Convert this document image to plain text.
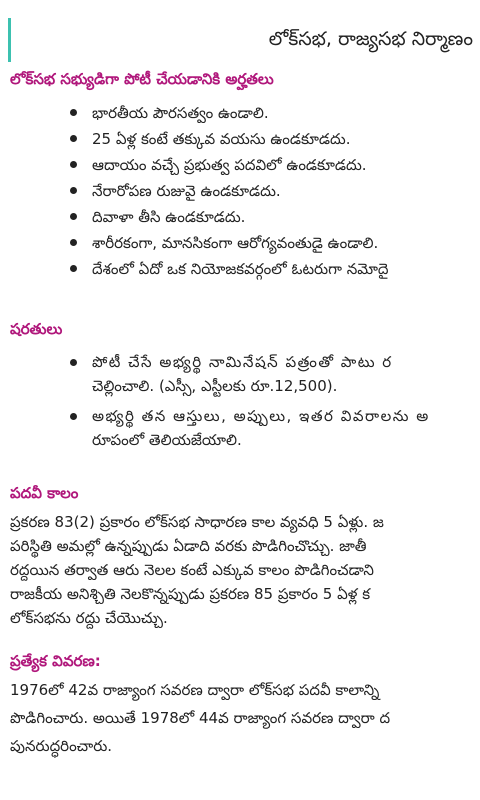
లోక్‌సభ, రాజ్యసభ నిర్మాణం
లోక్‌సభ సభ్యుడిగా పోటీ చేయడానికి అర్హతలు
భారతీయ పౌరసత్వం ఉండాలి.
25 ఏళ్ల కంటే తక్కువ వయసు ఉండకూడదు.
ఆదాయం వచ్చే ప్రభుత్వ పదవిలో ఉండకూడదు.
నేరారోపణ రుజువై ఉండకూడదు.
దివాళా తీసి ఉండకూడదు.
శారీరకంగా, మానసికంగా ఆరోగ్యవంతుడై ఉండాలి.
దేశంలో ఏదో ఒక నియోజకవర్గంలో ఓటరుగా నమోదై
షరతులు
పోటీ చేసే అభ్యర్థి నామినేషన్ పత్రంతో పాటు ర
చెల్లించాలి. (ఎస్సీ, ఎస్టీలకు రూ.12,500).
అభ్యర్థి తన ఆస్తులు, అప్పులు, ఇతర వివరాలను అ
రూపంలో తెలియజేయాలి.
పదవీ కాలం
ప్రకరణ 83(2) ప్రకారం లోక్‌సభ సాధారణ కాల వ్యవధి 5 ఏళ్లు. జ
పరిస్థితి అమల్లో ఉన్నప్పుడు ఏడాది వరకు పొడిగించొచ్చు. జాతీ
రద్దయిన తర్వాత ఆరు నెలల కంటే ఎక్కువ కాలం పొడిగించడాని
రాజకీయ అనిశ్చితి నెలకొన్నప్పుడు ప్రకరణ 85 ప్రకారం 5 ఏళ్ల క
లోక్‌సభను రద్దు చేయొచ్చు.
ప్రత్యేక వివరణ:
1976లో 42వ రాజ్యాంగ సవరణ ద్వారా లోక్‌సభ పదవీ కాలాన్ని
పొడిగించారు. అయితే 1978లో 44వ రాజ్యాంగ సవరణ ద్వారా ద
పునరుద్ధరించారు.
